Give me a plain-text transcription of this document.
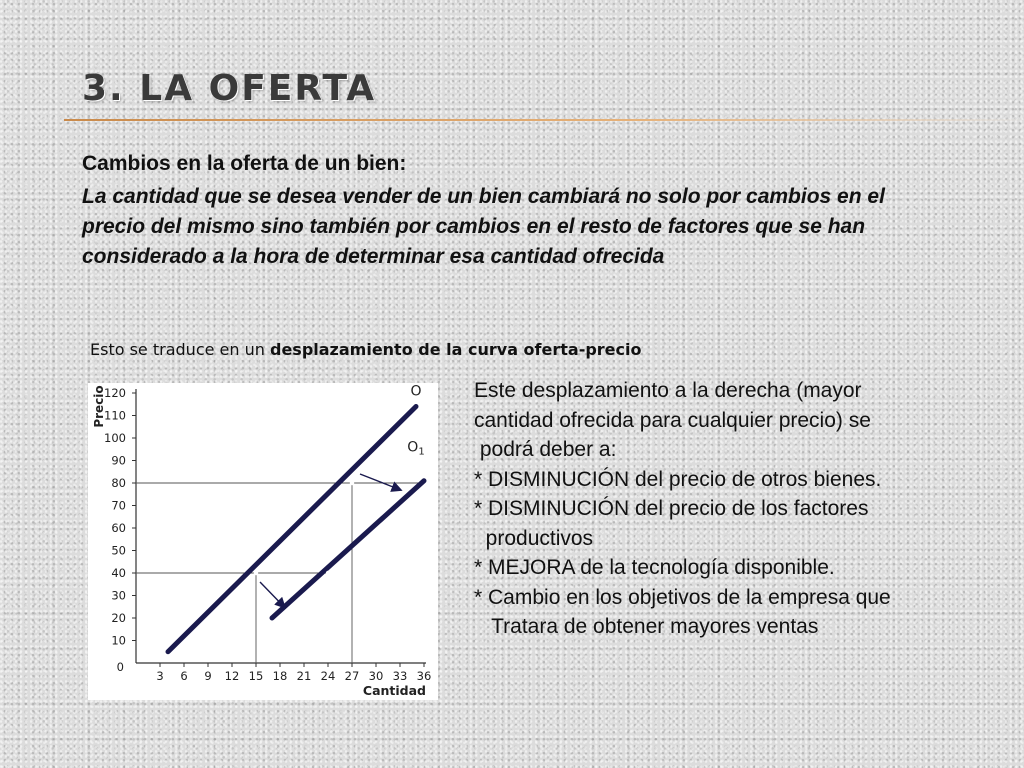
3. LA OFERTA

Cambios en la oferta de un bien:

La cantidad que se desea vender de un bien cambiará no solo por cambios en el precio del mismo sino también por cambios en el resto de factores que se han considerado a la hora de determinar esa cantidad ofrecida

Esto se traduce en un desplazamiento de la curva oferta-precio

10
20
30
40
50
60
70
80
90
100
110
120
3 6 9 12 15 18 21 24 27 30 33 36
0
Precio
Cantidad
O
$O_1$
Este desplazamiento a la derecha (mayor
cantidad ofrecida para cualquier precio) se
podrá deber a:
* DISMINUCIÓN del precio de otros bienes.
* DISMINUCIÓN del precio de los factores
productivos
* MEJORA de la tecnología disponible.
* Cambio en los objetivos de la empresa que
Tratara de obtener mayores ventas
